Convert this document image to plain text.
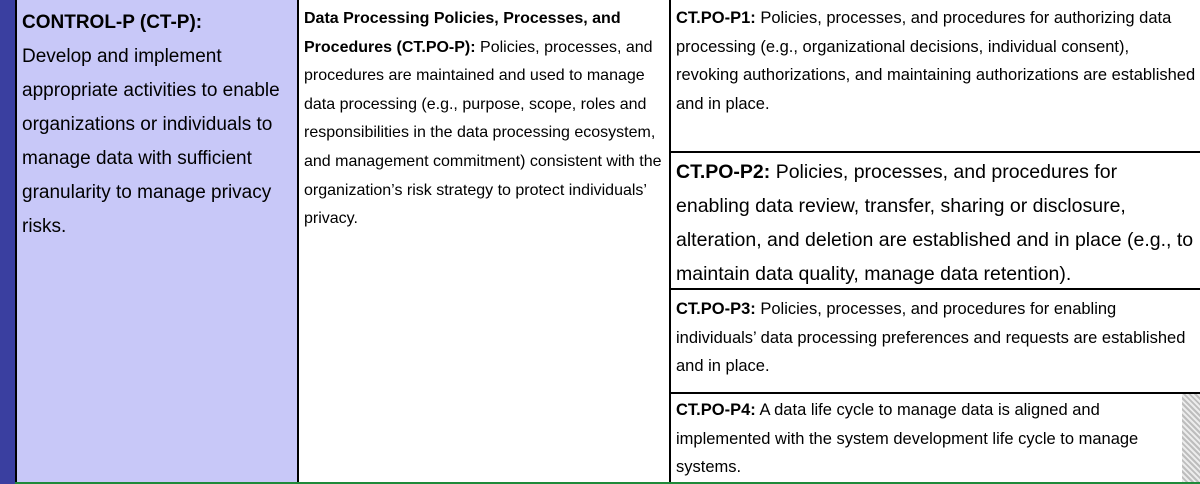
CONTROL-P (CT-P):
Develop and implement appropriate activities to enable organizations or individuals to manage data with sufficient granularity to manage privacy risks.
Data Processing Policies, Processes, and Procedures (CT.PO-P): Policies, processes, and procedures are maintained and used to manage data processing (e.g., purpose, scope, roles and responsibilities in the data processing ecosystem, and management commitment) consistent with the organization’s risk strategy to protect individuals’ privacy.
CT.PO-P1: Policies, processes, and procedures for authorizing data processing (e.g., organizational decisions, individual consent), revoking authorizations, and maintaining authorizations are established and in place.
CT.PO-P2: Policies, processes, and procedures for enabling data review, transfer, sharing or disclosure, alteration, and deletion are established and in place (e.g., to maintain data quality, manage data retention).
CT.PO-P3: Policies, processes, and procedures for enabling individuals’ data processing preferences and requests are established and in place.
CT.PO-P4: A data life cycle to manage data is aligned and implemented with the system development life cycle to manage systems.
